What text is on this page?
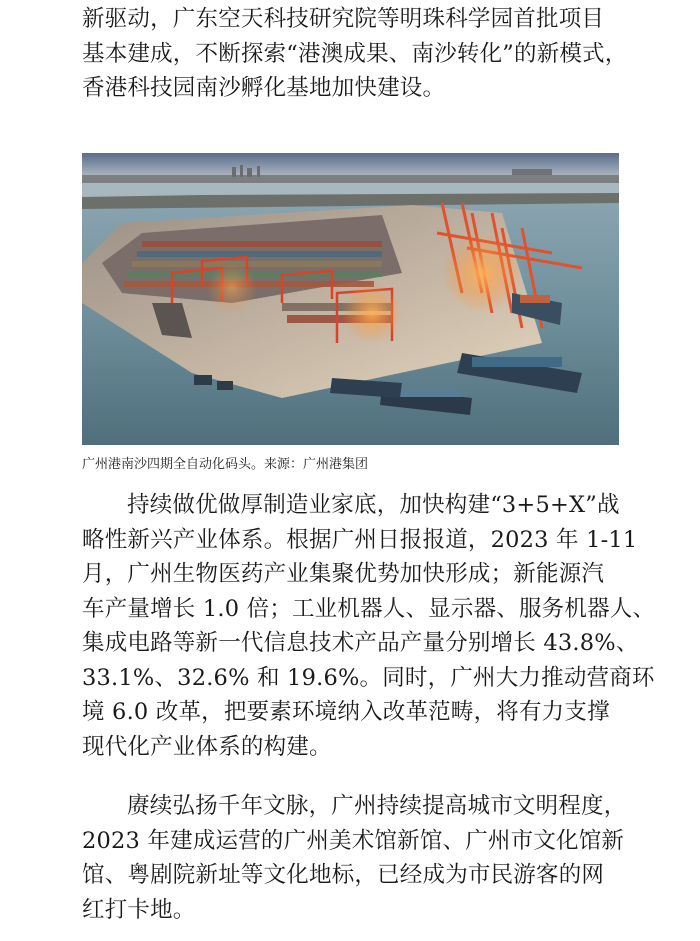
新驱动，广东空天科技研究院等明珠科学园首批项目
基本建成，不断探索“港澳成果、南沙转化”的新模式，
香港科技园南沙孵化基地加快建设。
广州港南沙四期全自动化码头。来源：广州港集团
持续做优做厚制造业家底，加快构建“3+5+X”战
略性新兴产业体系。根据广州日报报道，2023 年 1-11
月，广州生物医药产业集聚优势加快形成；新能源汽
车产量增长 1.0 倍；工业机器人、显示器、服务机器人、
集成电路等新一代信息技术产品产量分别增长 43.8%、
33.1%、32.6% 和 19.6%。同时，广州大力推动营商环
境 6.0 改革，把要素环境纳入改革范畴，将有力支撑
现代化产业体系的构建。
赓续弘扬千年文脉，广州持续提高城市文明程度，
2023 年建成运营的广州美术馆新馆、广州市文化馆新
馆、粤剧院新址等文化地标，已经成为市民游客的网
红打卡地。
